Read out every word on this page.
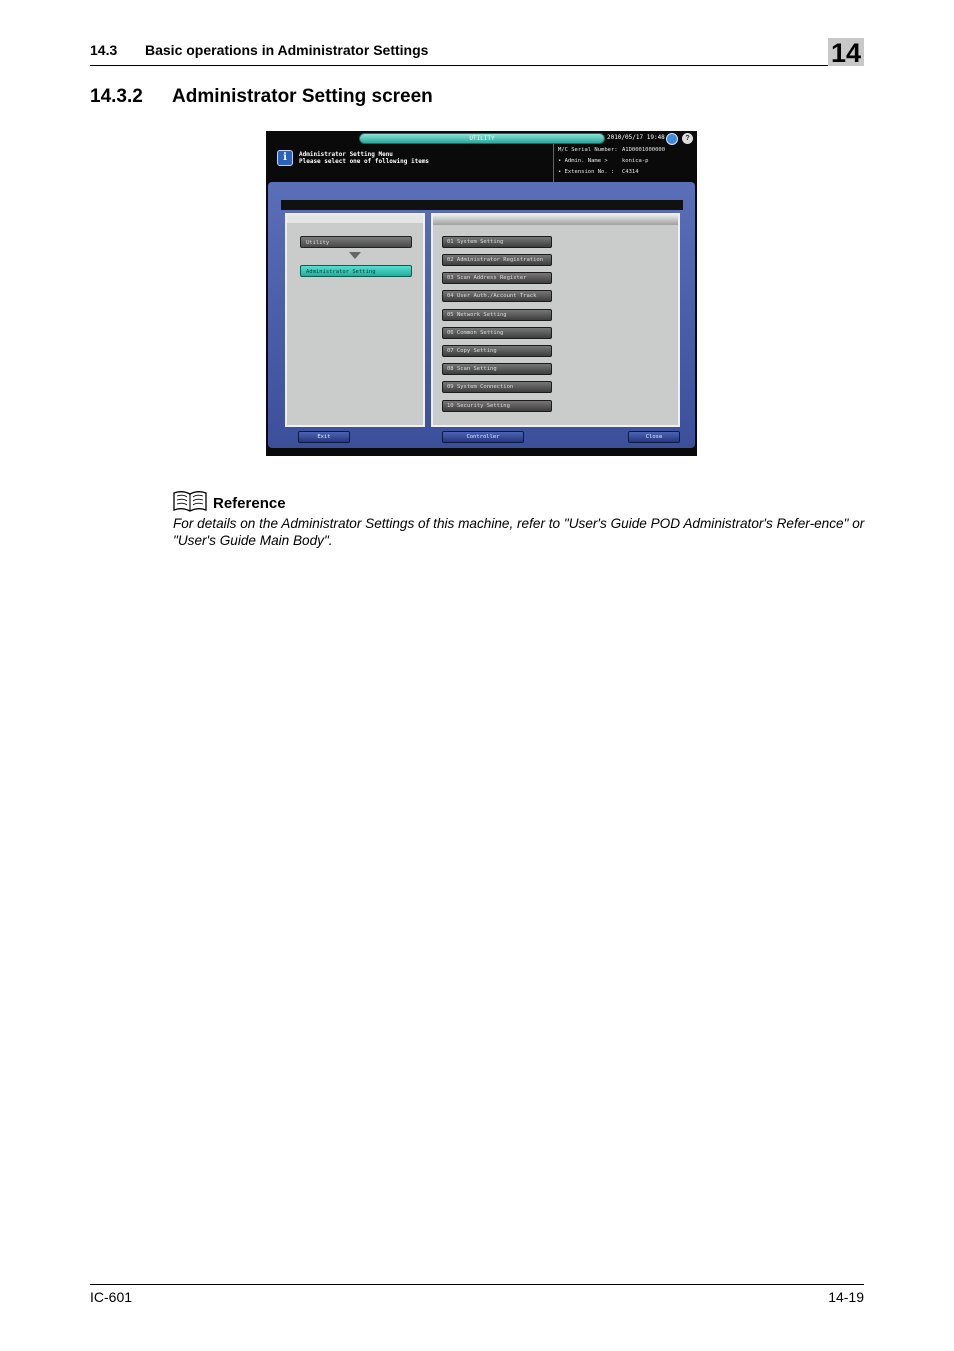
14.3 Basic operations in Administrator Settings	14
14.3.2 Administrator Setting screen
UTILITY	2010/05/17 19:48	?
i	Administrator Setting Menu
Please select one of following items
M/C Serial Number: A1D0001000000
• Admin. Name >	konica-p
• Extension No. : C4314
Utility
Administrator Setting
01 System Setting
02 Administrator Registration
03 Scan Address Register
04 User Auth./Account Track
05 Network Setting
06 Common Setting
07 Copy Setting
08 Scan Setting
09 System Connection
10 Security Setting
Exit	Controller	Close
Reference
For details on the Administrator Settings of this machine, refer to "User's Guide POD Administrator's Refer-ence" or "User's Guide Main Body".
IC-601	14-19
